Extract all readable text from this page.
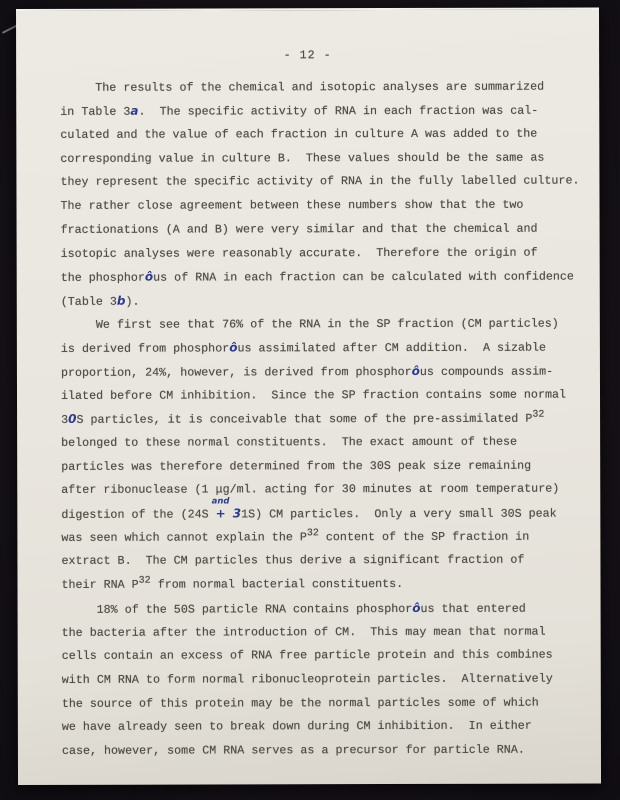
- 12 -
The results of the chemical and isotopic analyses are summarized
in Table 3a.  The specific activity of RNA in each fraction was cal-
culated and the value of each fraction in culture A was added to the
corresponding value in culture B.  These values should be the same as
they represent the specific activity of RNA in the fully labelled culture.
The rather close agreement between these numbers show that the two
fractionations (A and B) were very similar and that the chemical and
isotopic analyses were reasonably accurate.  Therefore the origin of
the phosphorôus of RNA in each fraction can be calculated with confidence
(Table 3b).
We first see that 76% of the RNA in the SP fraction (CM particles)
is derived from phosphorôus assimilated after CM addition.  A sizable
proportion, 24%, however, is derived from phosphorôus compounds assim-
ilated before CM inhibition.  Since the SP fraction contains some normal
30S particles, it is conceivable that some of the pre-assimilated P32
belonged to these normal constituents.  The exact amount of these
particles was therefore determined from the 30S peak size remaining
after ribonuclease (1 μg/ml. acting for 30 minutes at room temperature)
digestion of the (24S
and
+ 31S) CM particles.  Only a very small 30S peak
was seen which cannot explain the P32 content of the SP fraction in
extract B.  The CM particles thus derive a significant fraction of
their RNA P32 from normal bacterial constituents.
18% of the 50S particle RNA contains phosphorôus that entered
the bacteria after the introduction of CM.  This may mean that normal
cells contain an excess of RNA free particle protein and this combines
with CM RNA to form normal ribonucleoprotein particles.  Alternatively
the source of this protein may be the normal particles some of which
we have already seen to break down during CM inhibition.  In either
case, however, some CM RNA serves as a precursor for particle RNA.
